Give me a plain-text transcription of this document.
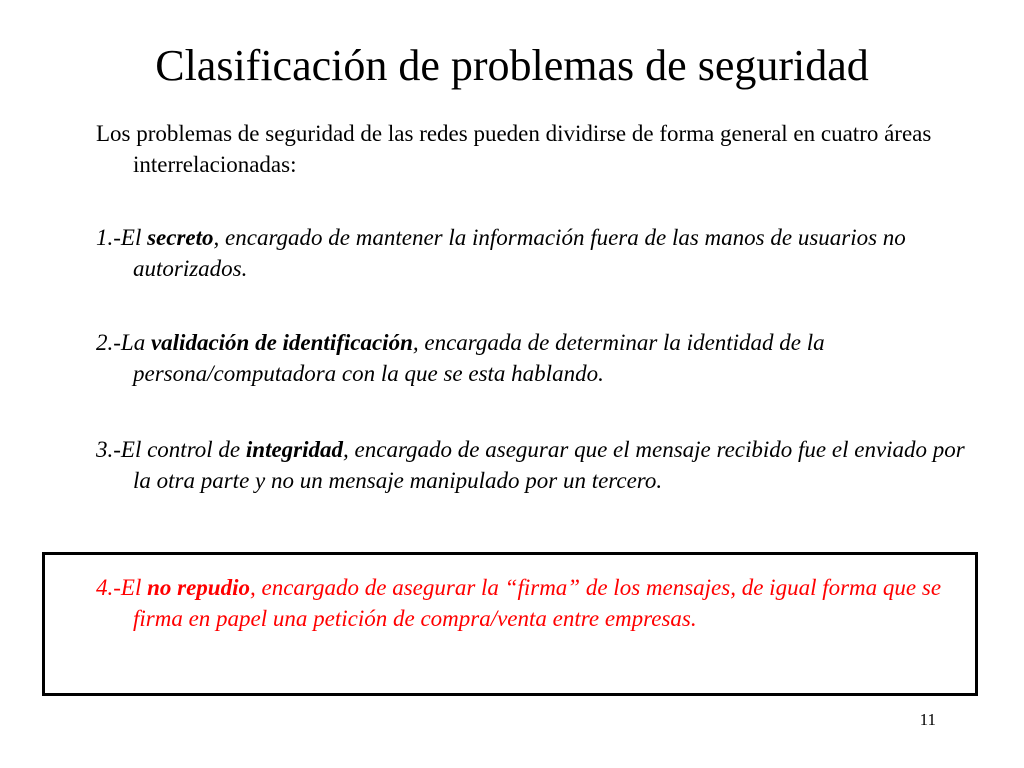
Clasificación de problemas de seguridad

Los problemas de seguridad de las redes pueden dividirse de forma general en cuatro áreas interrelacionadas:

1.-El secreto, encargado de mantener la información fuera de las manos de usuarios no autorizados.

2.-La validación de identificación, encargada de determinar la identidad de la persona/computadora con la que se esta hablando.

3.-El control de integridad, encargado de asegurar que el mensaje recibido fue el enviado por la otra parte y no un mensaje manipulado por un tercero.

4.-El no repudio, encargado de asegurar la “firma” de los mensajes, de igual forma que se firma en papel una petición de compra/venta entre empresas.

11
